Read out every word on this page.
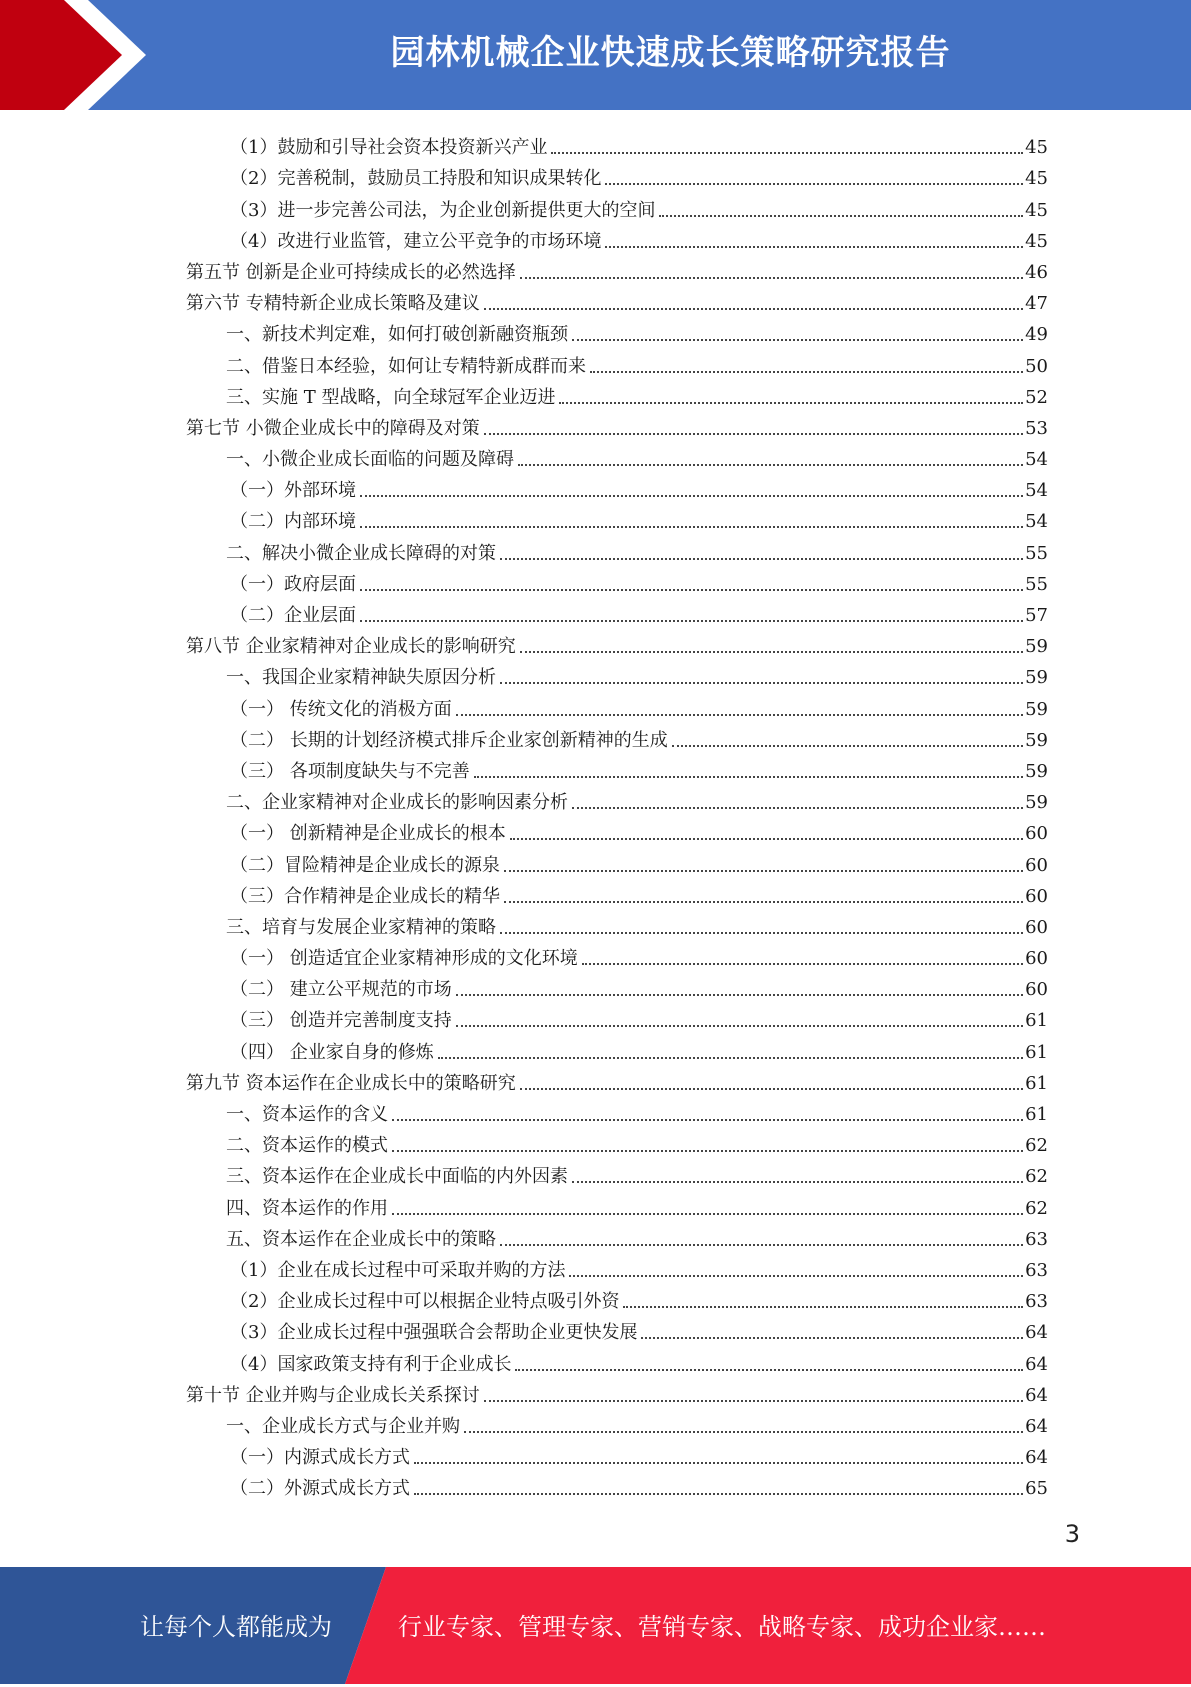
园林机械企业快速成长策略研究报告
（1）鼓励和引导社会资本投资新兴产业	45
（2）完善税制，鼓励员工持股和知识成果转化	45
（3）进一步完善公司法，为企业创新提供更大的空间	45
（4）改进行业监管，建立公平竞争的市场环境	45
第五节 创新是企业可持续成长的必然选择	46
第六节 专精特新企业成长策略及建议	47
一、新技术判定难，如何打破创新融资瓶颈	49
二、借鉴日本经验，如何让专精特新成群而来	50
三、实施 T 型战略，向全球冠军企业迈进	52
第七节 小微企业成长中的障碍及对策	53
一、小微企业成长面临的问题及障碍	54
（一）外部环境	54
（二）内部环境	54
二、解决小微企业成长障碍的对策	55
（一）政府层面	55
（二）企业层面	57
第八节 企业家精神对企业成长的影响研究	59
一、我国企业家精神缺失原因分析	59
（一） 传统文化的消极方面	59
（二） 长期的计划经济模式排斥企业家创新精神的生成	59
（三） 各项制度缺失与不完善	59
二、企业家精神对企业成长的影响因素分析	59
（一） 创新精神是企业成长的根本	60
（二）冒险精神是企业成长的源泉	60
（三）合作精神是企业成长的精华	60
三、培育与发展企业家精神的策略	60
（一） 创造适宜企业家精神形成的文化环境	60
（二） 建立公平规范的市场	60
（三） 创造并完善制度支持	61
（四） 企业家自身的修炼	61
第九节 资本运作在企业成长中的策略研究	61
一、资本运作的含义	61
二、资本运作的模式	62
三、资本运作在企业成长中面临的内外因素	62
四、资本运作的作用	62
五、资本运作在企业成长中的策略	63
（1）企业在成长过程中可采取并购的方法	63
（2）企业成长过程中可以根据企业特点吸引外资	63
（3）企业成长过程中强强联合会帮助企业更快发展	64
（4）国家政策支持有利于企业成长	64
第十节 企业并购与企业成长关系探讨	64
一、企业成长方式与企业并购	64
（一）内源式成长方式	64
（二）外源式成长方式	65
3
让每个人都能成为	行业专家、管理专家、营销专家、战略专家、成功企业家……
